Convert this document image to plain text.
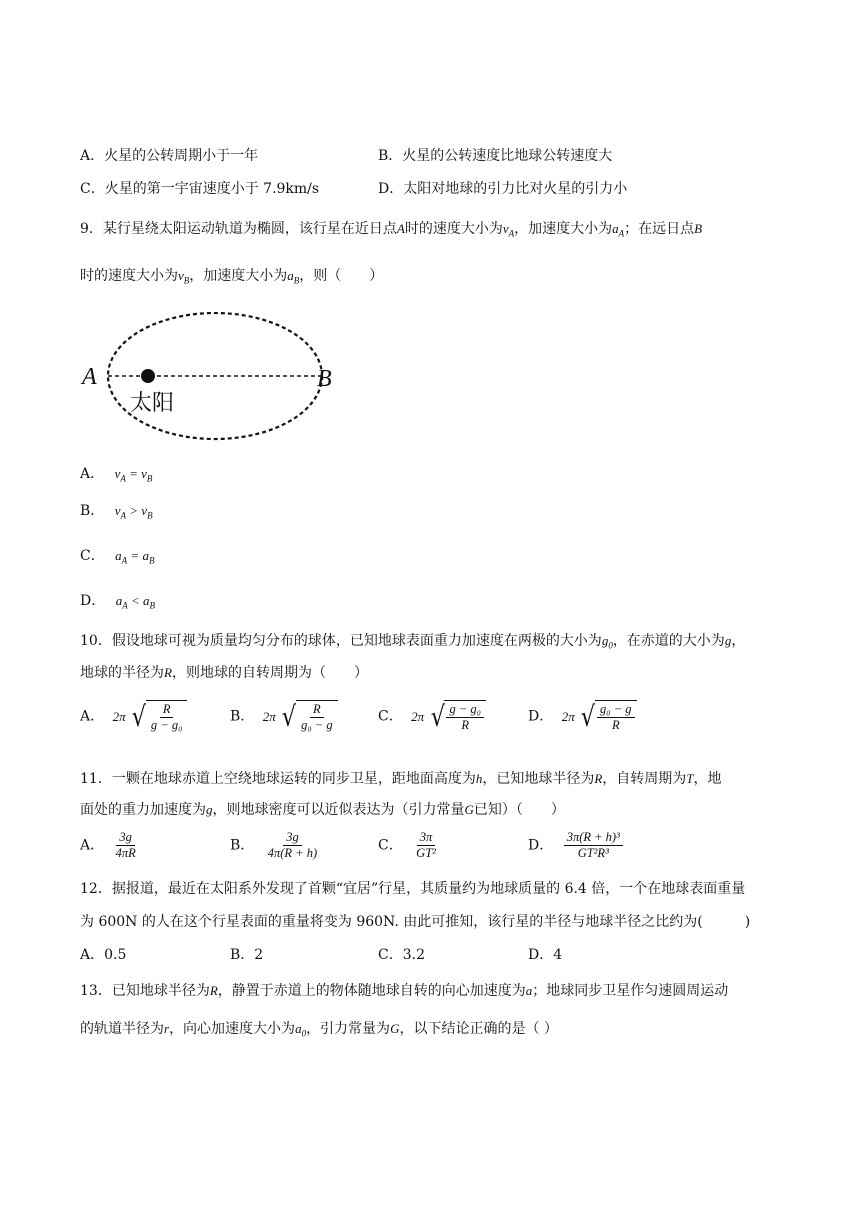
A．火星的公转周期小于一年	B．火星的公转速度比地球公转速度大
C．火星的第一宇宙速度小于 7.9km/s	D．太阳对地球的引力比对火星的引力小
9．某行星绕太阳运动轨道为椭圆，该行星在近日点A时的速度大小为$v_A$，加速度大小为$a_A$；在远日点B
时的速度大小为$v_B$，加速度大小为$a_B$，则（　　）
A	B
太阳
A． $v_A = v_B$
B． $v_A > v_B$
C． $a_A = a_B$
D． $a_A < a_B$
10．假设地球可视为质量均匀分布的球体，已知地球表面重力加速度在两极的大小为$g_0$，在赤道的大小为g，
地球的半径为R，则地球的自转周期为（　　）
A． 2π √ $\frac{R}{\text{g − g₀}}$	B． 2π √ $\frac{R}{\text{g₀ − g}}$	C． 2π √ $\frac{\text{g − g₀}}{R}$	D． 2π √ $\frac{\text{g₀ − g}}{R}$
11．一颗在地球赤道上空绕地球运转的同步卫星，距地面高度为h，已知地球半径为R，自转周期为T，地
面处的重力加速度为g，则地球密度可以近似表达为（引力常量G已知）（　　）
A． $\frac{3g}{4\pi R}$	B． $\frac{3g}{4\pi(R + h)}$	C． $\frac{3\pi}{\text{GT²}}$	D． $\frac{\text{3π(R + h)³}}{\text{GT²R³}}$
12．据报道，最近在太阳系外发现了首颗“宜居”行星，其质量约为地球质量的 6.4 倍，一个在地球表面重量
为 600N 的人在这个行星表面的重量将变为 960N. 由此可推知，该行星的半径与地球半径之比约为(　　　)
A．0.5	B．2	C．3.2	D．4
13．已知地球半径为R，静置于赤道上的物体随地球自转的向心加速度为a；地球同步卫星作匀速圆周运动
的轨道半径为r，向心加速度大小为$a_0$，引力常量为G，以下结论正确的是（ ）
